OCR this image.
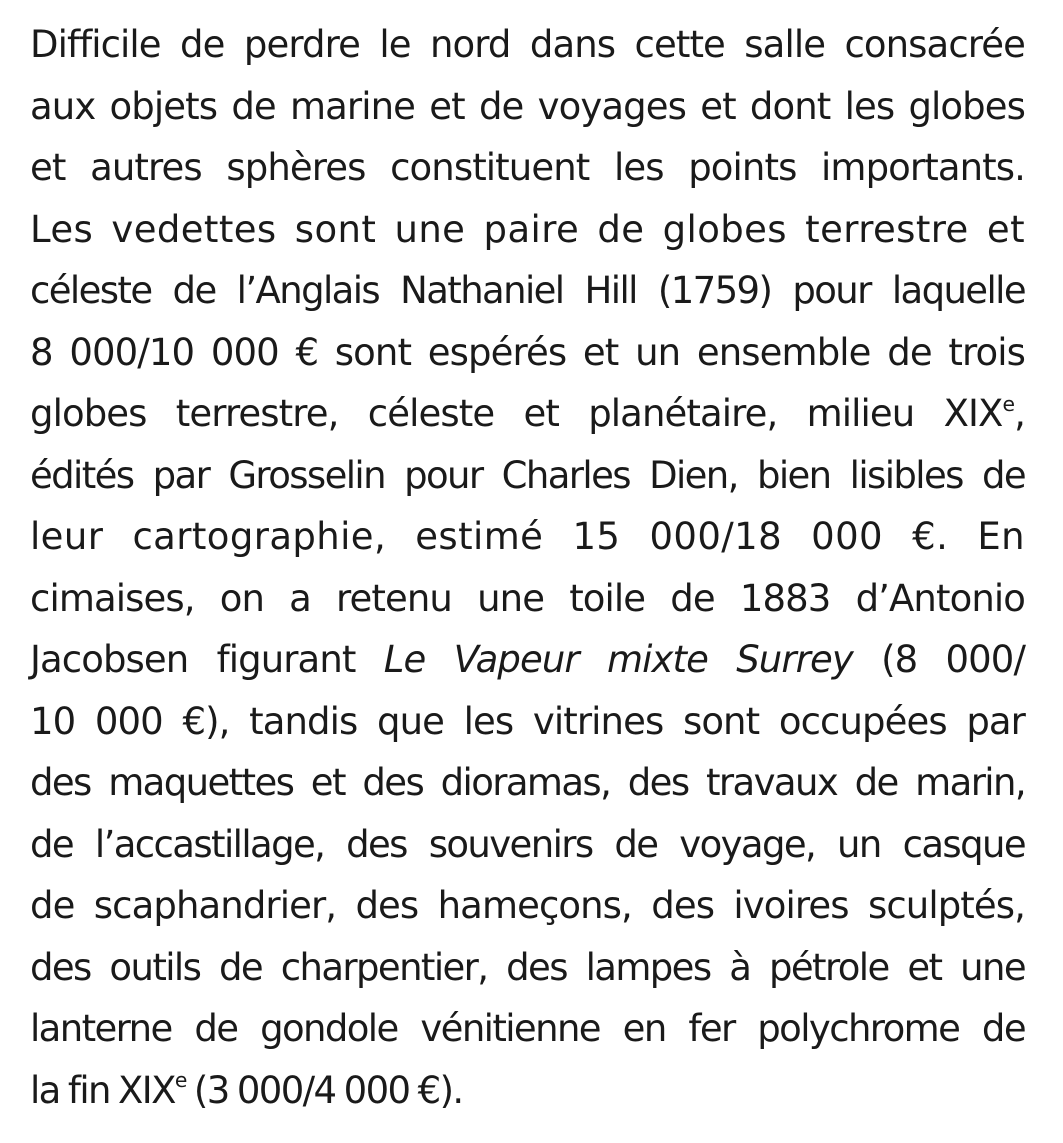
Difficile de perdre le nord dans cette salle consacrée
aux objets de marine et de voyages et dont les globes
et autres sphères constituent les points importants.
Les vedettes sont une paire de globes terrestre et
céleste de l’Anglais Nathaniel Hill (1759) pour laquelle
8 000/10 000 € sont espérés et un ensemble de trois
globes terrestre, céleste et planétaire, milieu XIXe,
édités par Grosselin pour Charles Dien, bien lisibles de
leur cartographie, estimé 15 000/18 000 €. En
cimaises, on a retenu une toile de 1883 d’Antonio
Jacobsen figurant Le Vapeur mixte Surrey (8 000/
10 000 €), tandis que les vitrines sont occupées par
des maquettes et des dioramas, des travaux de marin,
de l’accastillage, des souvenirs de voyage, un casque
de scaphandrier, des hameçons, des ivoires sculptés,
des outils de charpentier, des lampes à pétrole et une
lanterne de gondole vénitienne en fer polychrome de
la fin XIXe (3 000/4 000 €).
